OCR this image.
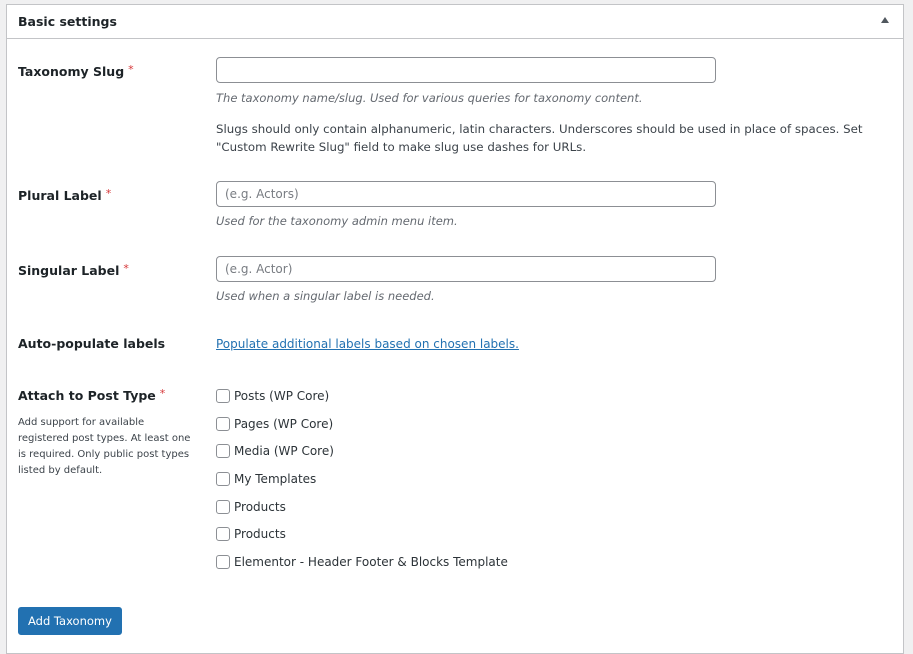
Basic settings
Taxonomy Slug *
The taxonomy name/slug. Used for various queries for taxonomy content.
Slugs should only contain alphanumeric, latin characters. Underscores should be used in place of spaces. Set "Custom Rewrite Slug" field to make slug use dashes for URLs.
Plural Label *
(e.g. Actors)
Used for the taxonomy admin menu item.
Singular Label *
(e.g. Actor)
Used when a singular label is needed.
Auto-populate labels	Populate additional labels based on chosen labels.
Attach to Post Type *
Add support for available registered post types. At least one is required. Only public post types listed by default.
Posts (WP Core)
Pages (WP Core)
Media (WP Core)
My Templates
Products
Products
Elementor - Header Footer & Blocks Template
Add Taxonomy
